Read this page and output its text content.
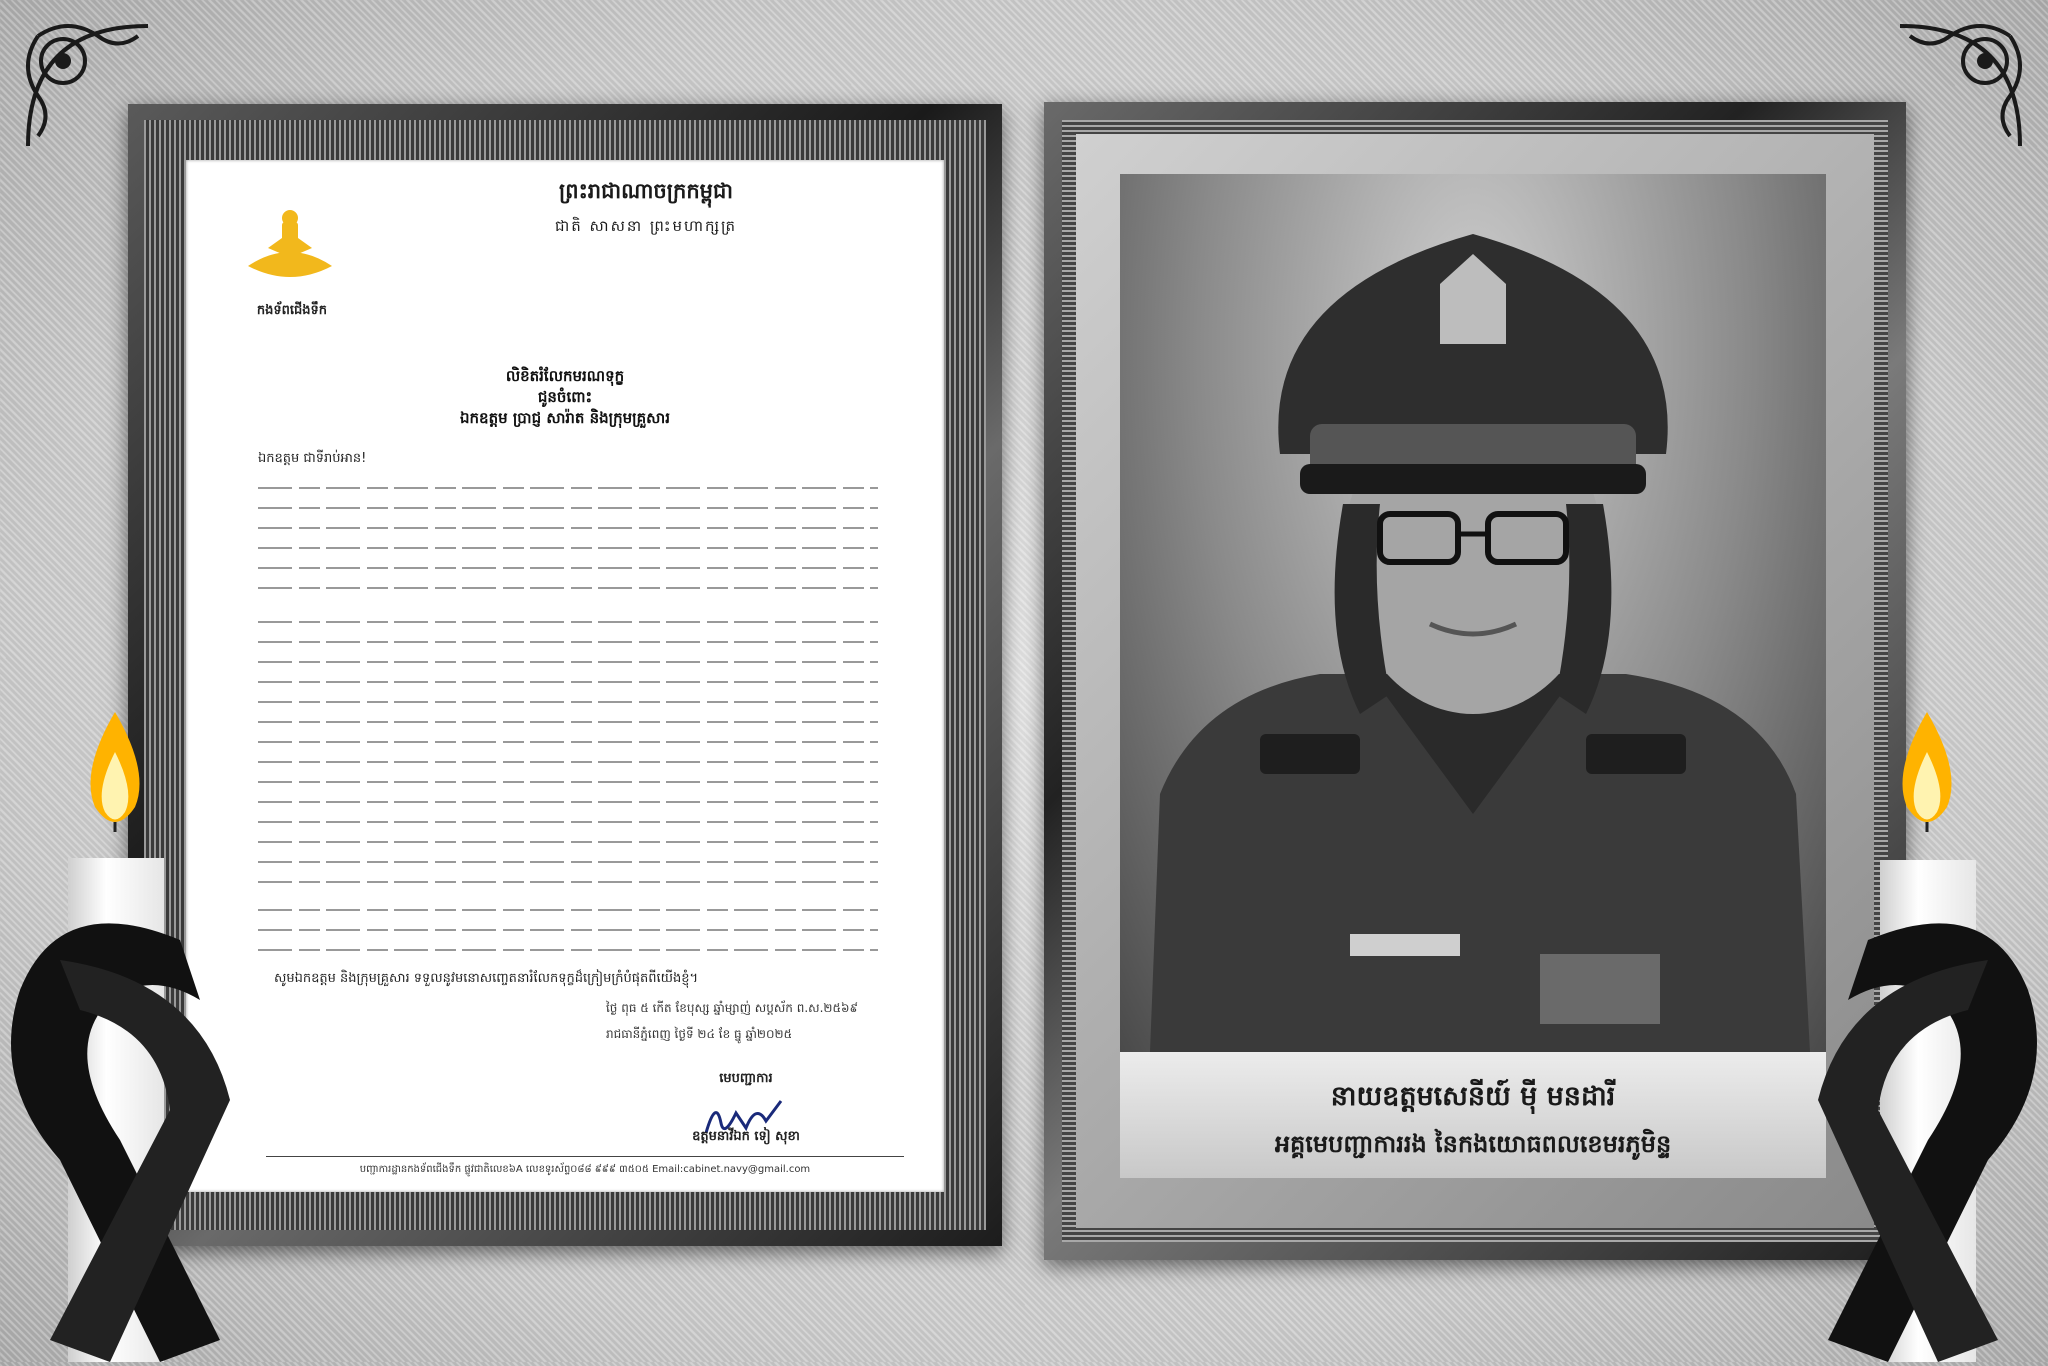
កងទ័ពជើងទឹក
ព្រះរាជាណាចក្រកម្ពុជា
ជាតិ សាសនា ព្រះមហាក្សត្រ
លិខិតរំលែកមរណទុក្ខ
ជូនចំពោះ
ឯកឧត្តម ប្រាជ្ញ សារ៉ាត និងក្រុមគ្រួសារ
ឯកឧត្តម ជាទីរាប់អាន!
សូមឯកឧត្តម និងក្រុមគ្រួសារ ទទួលនូវមនោសញ្ចេតនារំលែកទុក្ខដ៏ក្រៀមក្រំបំផុតពីយើងខ្ញុំ។
ថ្ងៃ ពុធ ៥ កើត ខែបុស្ស ឆ្នាំម្សាញ់ សប្តស័ក ព.ស.២៥៦៩
រាជធានីភ្នំពេញ ថ្ងៃទី ២៤ ខែ ធ្នូ ឆ្នាំ២០២៥
មេបញ្ជាការ
ឧត្តមនាវីឯក ទៀ សុខា
បញ្ជាការដ្ឋានកងទ័ពជើងទឹក ផ្លូវជាតិលេខ៦A លេខទូរស័ព្ទ០៨៨ ៩៩៩ ៣៥០៥ Email:cabinet.navy@gmail.com
នាយឧត្តមសេនីយ៍ មុី មនដារី
អគ្គមេបញ្ជាការរង នៃកងយោធពលខេមរភូមិន្ទ
